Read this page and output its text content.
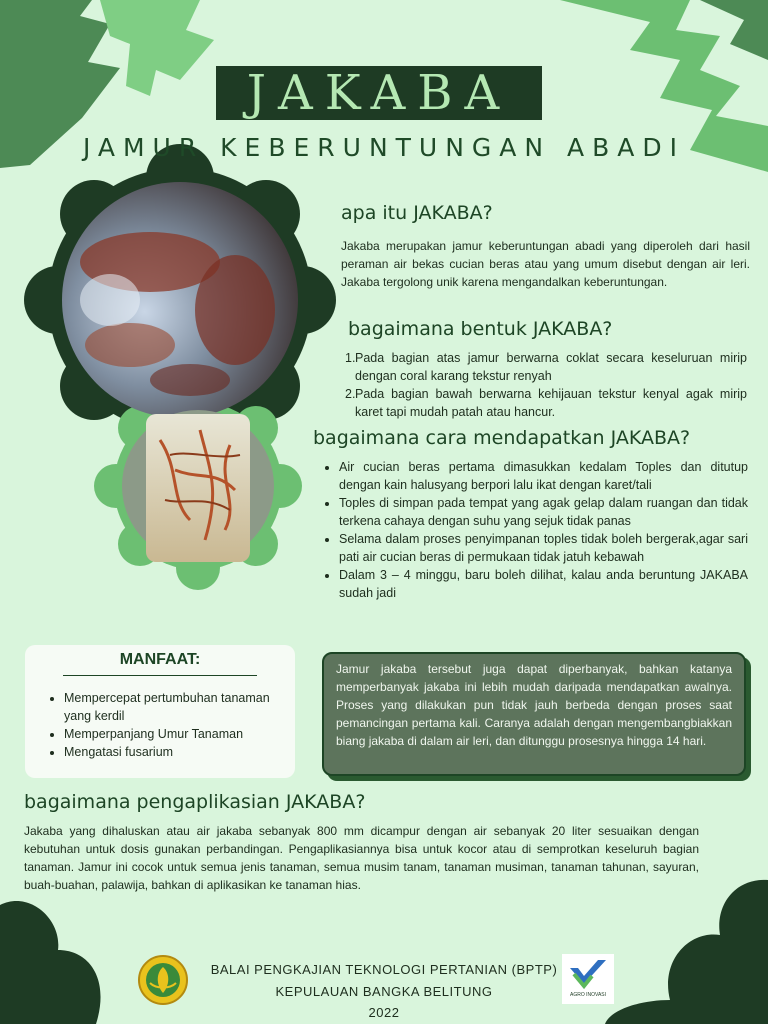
JAKABA
JAMUR KEBERUNTUNGAN ABADI
apa itu JAKABA?
Jakaba merupakan jamur keberuntungan abadi yang diperoleh dari hasil peraman air bekas cucian beras atau yang umum disebut dengan air leri. Jakaba tergolong unik karena mengandalkan keberuntungan.
bagaimana bentuk JAKABA?
1. Pada bagian atas jamur berwarna coklat secara keseluruan mirip dengan coral karang tekstur renyah
2. Pada bagian bawah berwarna kehijauan tekstur kenyal agak mirip karet tapi mudah patah atau hancur.
bagaimana cara mendapatkan JAKABA?
• Air cucian beras pertama dimasukkan kedalam Toples dan ditutup dengan kain halusyang berpori lalu ikat dengan karet/tali
• Toples di simpan pada tempat yang agak gelap dalam ruangan dan tidak terkena cahaya dengan suhu yang sejuk tidak panas
• Selama dalam proses penyimpanan toples tidak boleh bergerak,agar sari pati air cucian beras di permukaan tidak jatuh kebawah
• Dalam 3 – 4 minggu, baru boleh dilihat, kalau anda beruntung JAKABA sudah jadi
MANFAAT:
• Mempercepat pertumbuhan tanaman yang kerdil
• Memperpanjang Umur Tanaman
• Mengatasi fusarium
Jamur jakaba tersebut juga dapat diperbanyak, bahkan katanya memperbanyak jakaba ini lebih mudah daripada mendapatkan awalnya. Proses yang dilakukan pun tidak jauh berbeda dengan proses saat pemancingan pertama kali. Caranya adalah dengan mengembangbiakkan biang jakaba di dalam air leri, dan ditunggu prosesnya hingga 14 hari.
bagaimana pengaplikasian JAKABA?
Jakaba yang dihaluskan atau air jakaba sebanyak 800 mm dicampur dengan air sebanyak 20 liter sesuaikan dengan kebutuhan untuk dosis gunakan perbandingan. Pengaplikasiannya bisa untuk kocor atau di semprotkan keseluruh bagian tanaman. Jamur ini cocok untuk semua jenis tanaman, semua musim tanam, tanaman musiman, tanaman tahunan, sayuran, buah-buahan, palawija, bahkan di aplikasikan ke tanaman hias.
BALAI PENGKAJIAN TEKNOLOGI PERTANIAN (BPTP)
KEPULAUAN BANGKA BELITUNG
2022
AGRO INOVASI
